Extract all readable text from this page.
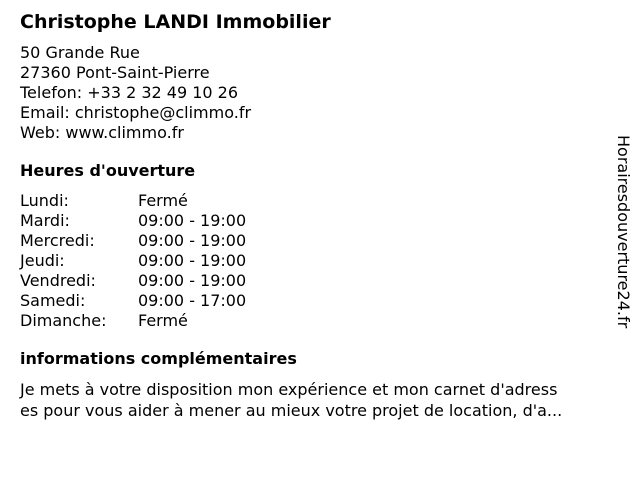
Christophe LANDI Immobilier
50 Grande Rue
27360 Pont-Saint-Pierre
Telefon: +33 2 32 49 10 26
Email: christophe@climmo.fr
Web: www.climmo.fr
Heures d'ouverture
Lundi:	Fermé
Mardi:	09:00 - 19:00
Mercredi:	09:00 - 19:00
Jeudi:	09:00 - 19:00
Vendredi:	09:00 - 19:00
Samedi:	09:00 - 17:00
Dimanche:	Fermé
informations complémentaires
Je mets à votre disposition mon expérience et mon carnet d'adress
es pour vous aider à mener au mieux votre projet de location, d'a...
Horairesdouverture24.fr
